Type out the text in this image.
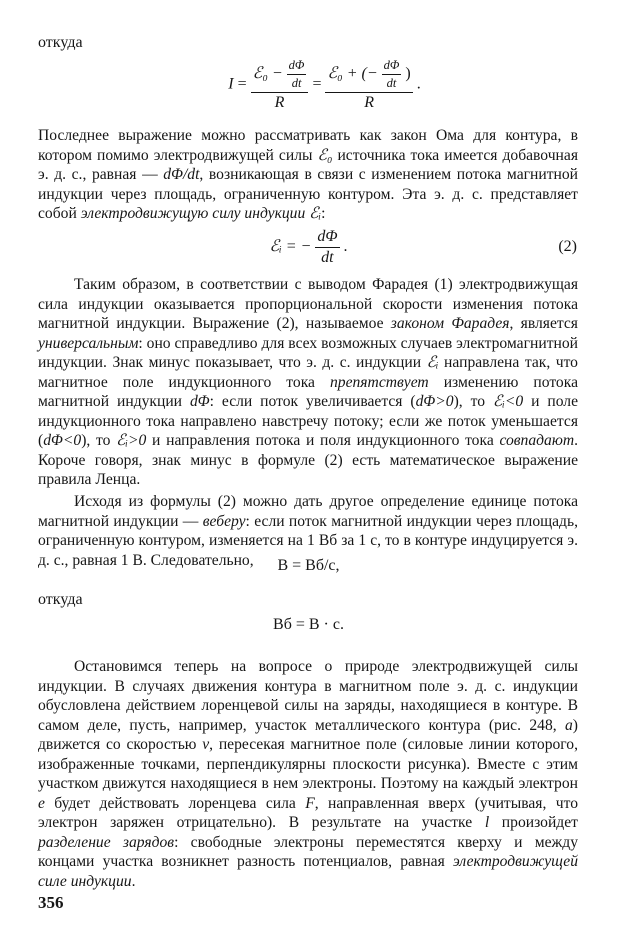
откуда
$I = \frac{ℰ_0 - \frac{d\Phi}{dt}}{R}$ =
ℰ₀ + (− $\frac{d\Phi}{dt}$ )
R
.

Последнее выражение можно рассматривать как закон Ома для контура, в котором помимо электродвижущей силы ℰ₀ источника тока имеется добавочная э. д. с., равная — dΦ/dt, возникающая в связи с изменением потока магнитной индукции через площадь, ограниченную контуром. Эта э. д. с. представляет собой электродвижущую силу индукции ℰᵢ:

ℰᵢ = − $\frac{d\Phi}{dt}$ .	(2)

Таким образом, в соответствии с выводом Фарадея (1) электродвижущая сила индукции оказывается пропорциональной скорости изменения потока магнитной индукции. Выражение (2), называемое законом Фарадея, является универсальным: оно справедливо для всех возможных случаев электромагнитной индукции. Знак минус показывает, что э. д. с. индукции ℰᵢ направлена так, что магнитное поле индукционного тока препятствует изменению потока магнитной индукции dΦ: если поток увеличивается (dΦ>0), то ℰᵢ<0 и поле индукционного тока направлено навстречу потоку; если же поток уменьшается (dΦ<0), то ℰᵢ>0 и направления потока и поля индукционного тока совпадают. Короче говоря, знак минус в формуле (2) есть математическое выражение правила Ленца.

Исходя из формулы (2) можно дать другое определение единице потока магнитной индукции — веберу: если поток магнитной индукции через площадь, ограниченную контуром, изменяется на 1 Вб за 1 с, то в контуре индуцируется э. д. с., равная 1 В. Следовательно,	В = Вб/с,
откуда
Вб = В · с.

Остановимся теперь на вопросе о природе электродвижущей силы индукции. В случаях движения контура в магнитном поле э. д. с. индукции обусловлена действием лоренцевой силы на заряды, находящиеся в контуре. В самом деле, пусть, например, участок металлического контура (рис. 248, а) движется со скоростью v, пересекая магнитное поле (силовые линии которого, изображенные точками, перпендикулярны плоскости рисунка). Вместе с этим участком движутся находящиеся в нем электроны. Поэтому на каждый электрон e будет действовать лоренцева сила F, направленная вверх (учитывая, что электрон заряжен отрицательно). В результате на участке l произойдет разделение зарядов: свободные электроны переместятся кверху и между концами участка возникнет разность потенциалов, равная электродвижущей силе индукции.

356
